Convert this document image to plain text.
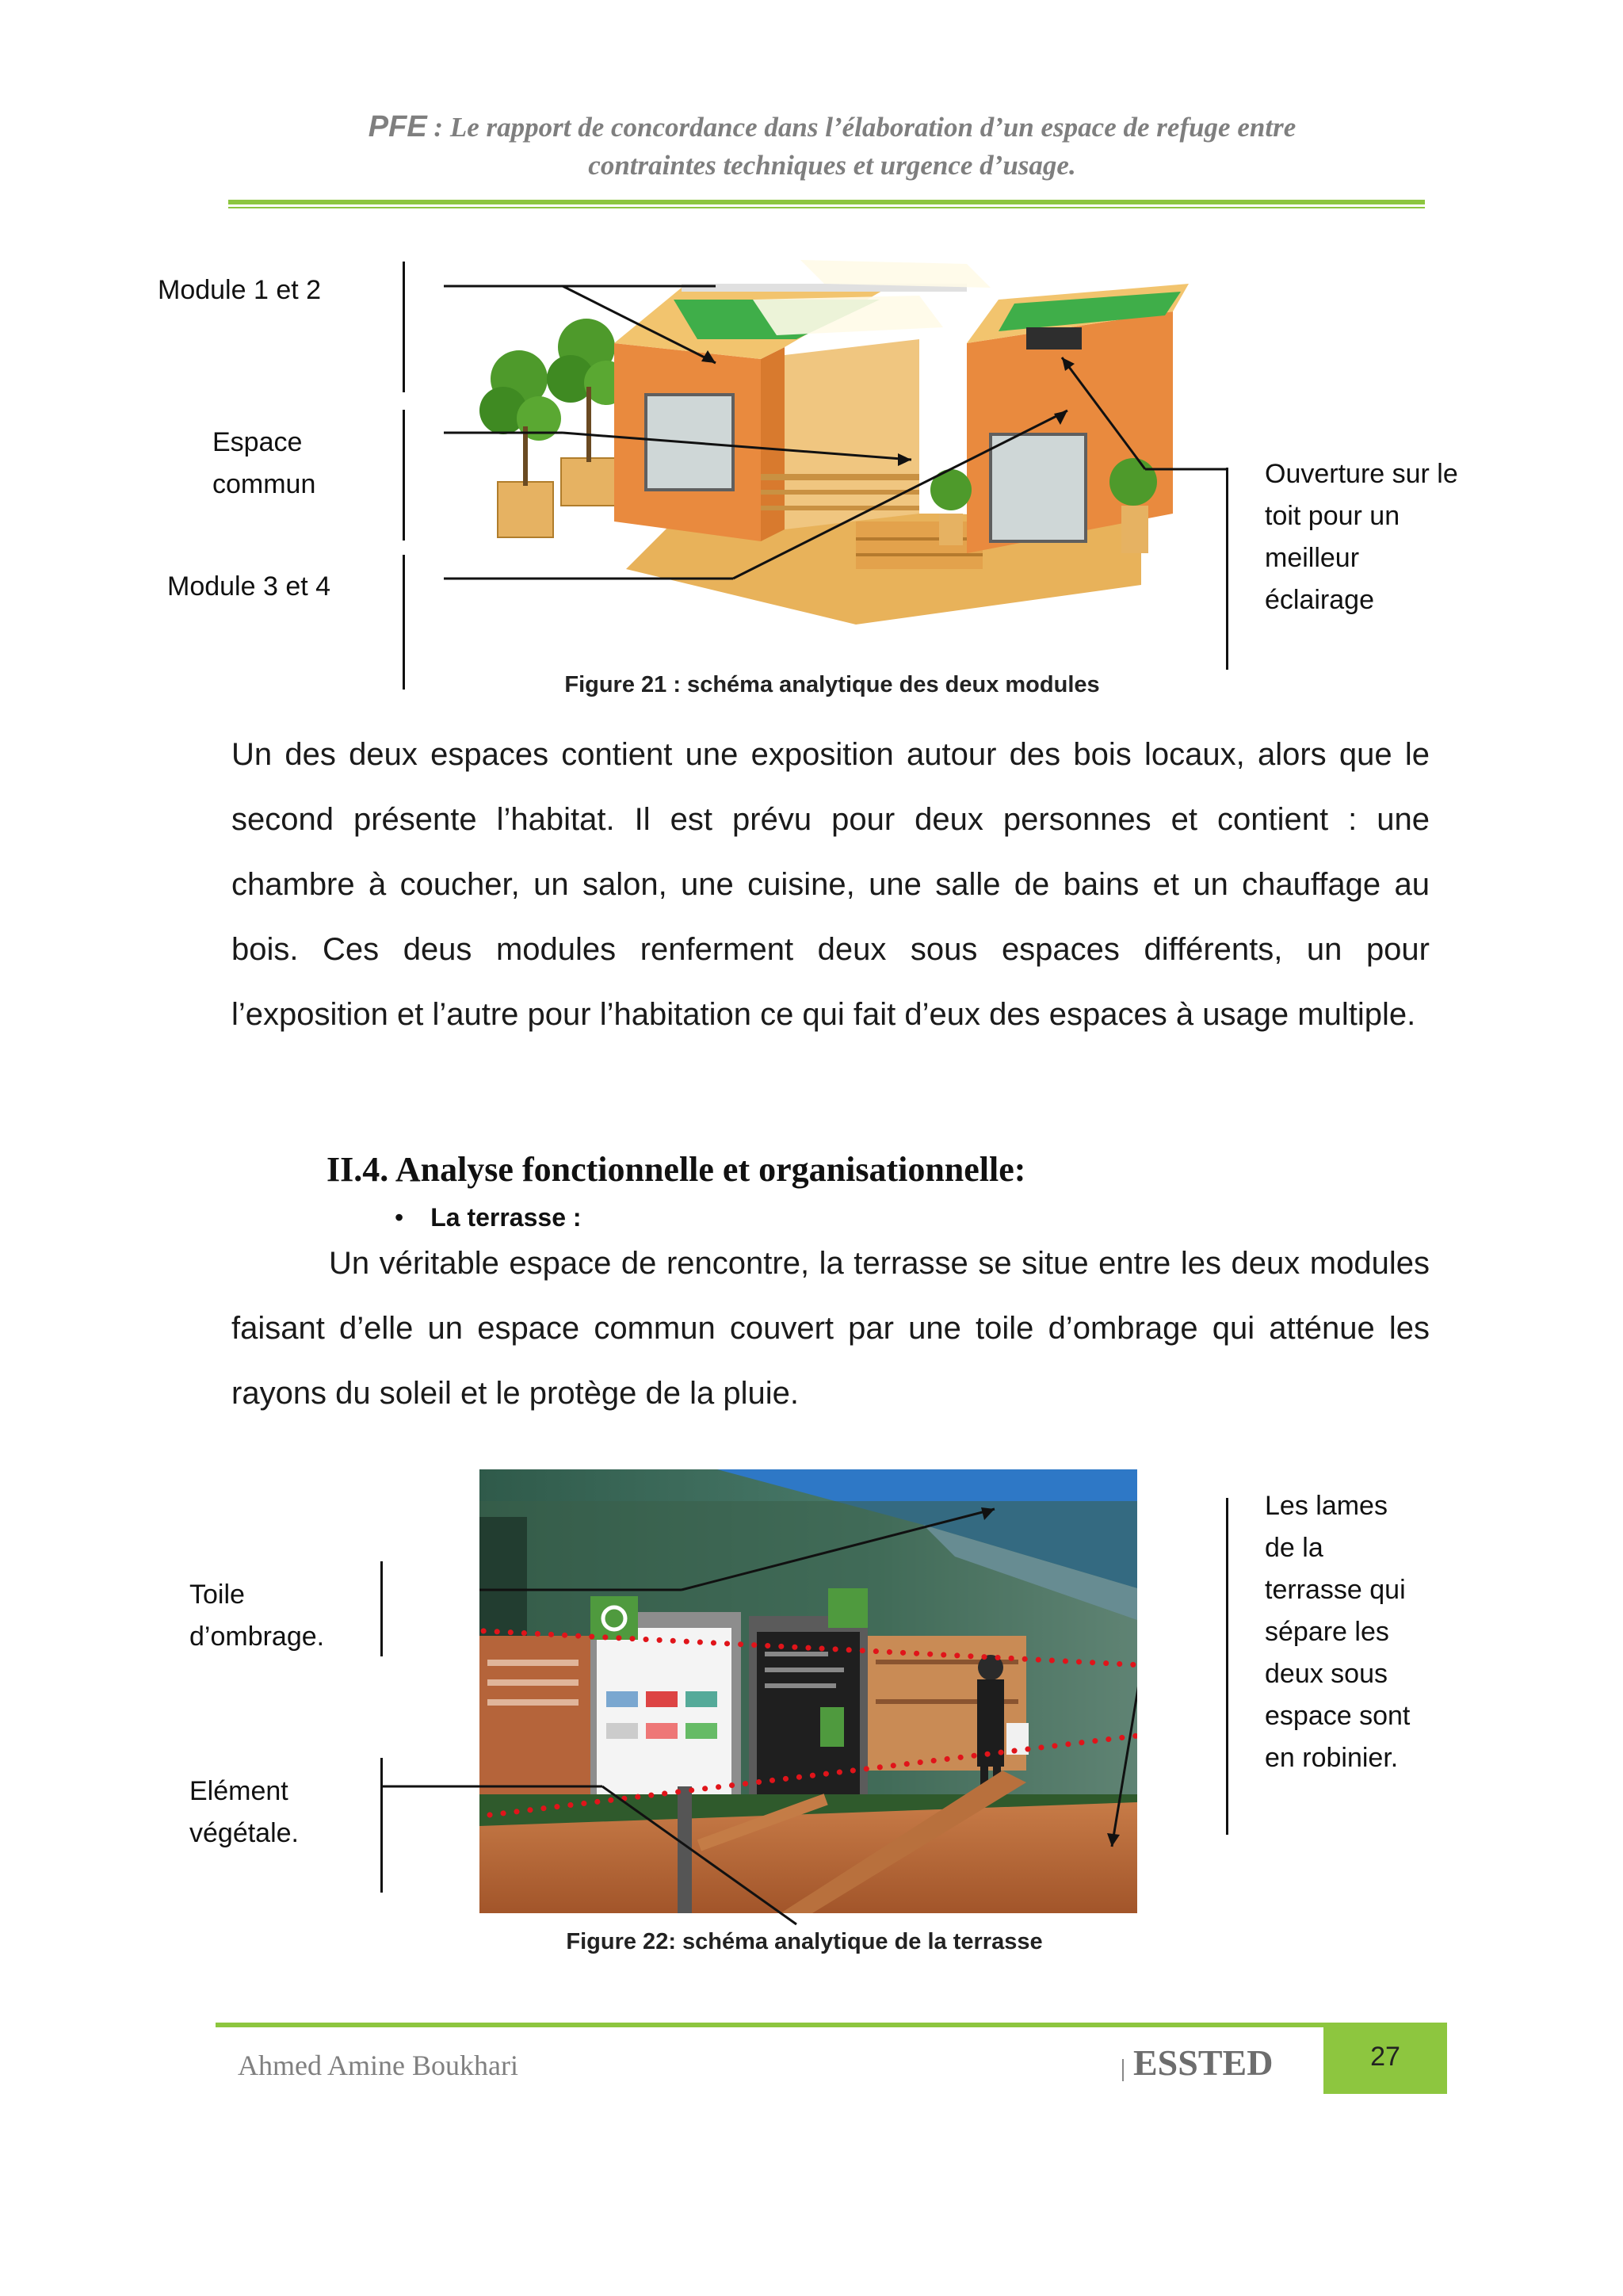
PFE : Le rapport de concordance dans l’élaboration d’un espace de refuge entre
contraintes techniques et urgence d’usage.
Module 1 et 2
Espace
commun
Module 3 et 4
Ouverture sur le
toit pour un
meilleur
éclairage
Figure 21 : schéma analytique des deux modules

Un des deux espaces contient une exposition autour des bois locaux, alors que le second présente l’habitat. Il est prévu pour deux personnes et contient : une chambre à coucher, un salon, une cuisine, une salle de bains et un chauffage au bois. Ces deus modules renferment deux sous espaces différents, un pour l’exposition et l’autre pour l’habitation ce qui fait d’eux des espaces à usage multiple.

II.4. Analyse fonctionnelle et organisationnelle:
• La terrasse :

Un véritable espace de rencontre, la terrasse se situe entre les deux modules faisant d’elle un espace commun couvert par une toile d’ombrage qui atténue les rayons du soleil et le protège de la pluie.

Toile
d’ombrage.
Elément
végétale.
Les lames
de la
terrasse qui
sépare les
deux sous
espace sont
en robinier.
Figure 22: schéma analytique de la terrasse
Ahmed Amine Boukhari	ESSTED	27
